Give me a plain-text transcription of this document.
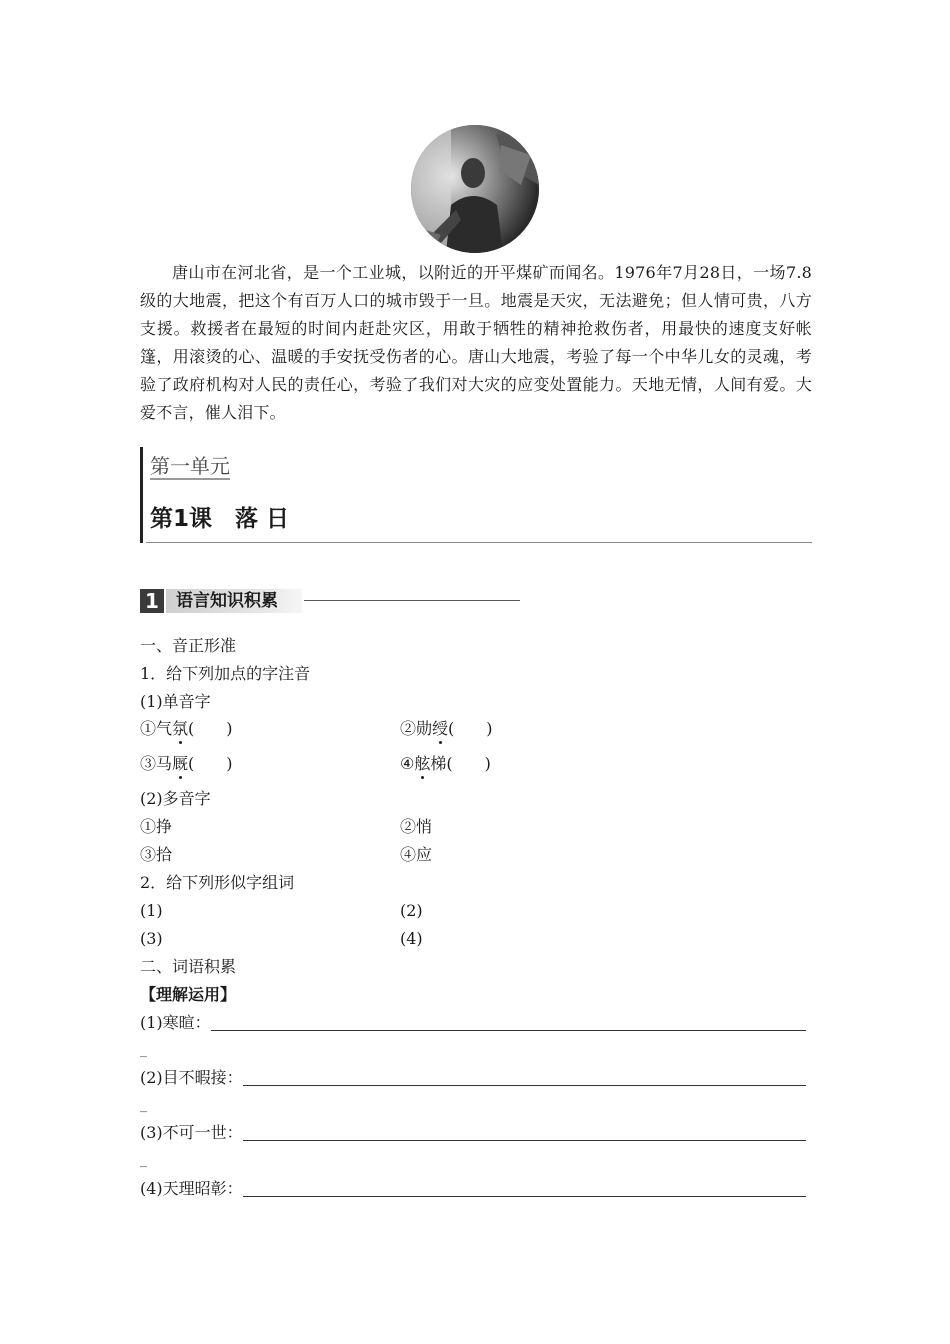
唐山市在河北省，是一个工业城，以附近的开平煤矿而闻名。1976年7月28日，一场7.8级的大地震，把这个有百万人口的城市毁于一旦。地震是天灾，无法避免；但人情可贵，八方支援。救援者在最短的时间内赶赴灾区，用敢于牺牲的精神抢救伤者，用最快的速度支好帐篷，用滚烫的心、温暖的手安抚受伤者的心。唐山大地震，考验了每一个中华儿女的灵魂，考验了政府机构对人民的责任心，考验了我们对大灾的应变处置能力。天地无情，人间有爱。大爱不言，催人泪下。
第一单元
第1课　落 日
1	语言知识积累
一、音正形准
1．给下列加点的字注音
(1)单音字
①气氛(　　)	②勋绶(　　)
③马厩(　　)	④舷梯(　　)
(2)多音字
①挣	②悄
③拾	④应
2．给下列形似字组词
(1)	(2)
(3)	(4)
二、词语积累
【理解运用】
(1)寒暄：
_
(2)目不暇接：
_
(3)不可一世：
_
(4)天理昭彰：
